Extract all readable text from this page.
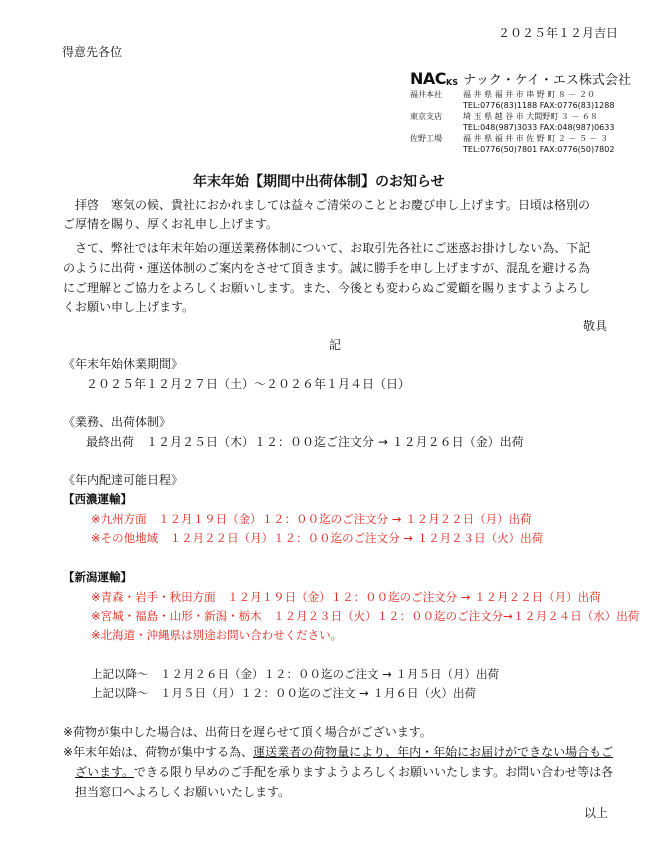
２０２５年１２月吉日
得意先各位
NACKS ナック・ケイ・エス株式会社
福井本社	福 井 県 福 井 市 串 野 町 ８ － ２０
TEL:0776(83)1188 FAX:0776(83)1288
東京支店	埼 玉 県 越 谷 市 大間野町 ３ － ６８
TEL:048(987)3033 FAX:048(987)0633
佐野工場	福 井 県 福 井 市 佐 野 町 ２ － ５ － ３
TEL:0776(50)7801 FAX:0776(50)7802
年末年始【期間中出荷体制】のお知らせ
拝啓　寒気の候、貴社におかれましては益々ご清栄のこととお慶び申し上げます。日頃は格別の
ご厚情を賜り、厚くお礼申し上げます。
さて、弊社では年末年始の運送業務体制について、お取引先各社にご迷惑お掛けしない為、下記
のように出荷・運送体制のご案内をさせて頂きます。誠に勝手を申し上げますが、混乱を避ける為
にご理解とご協力をよろしくお願いします。また、今後とも変わらぬご愛顧を賜りますようよろし
くお願い申し上げます。
敬具
記
《年末年始休業期間》
２０２５年１２月２７日（土）～２０２６年１月４日（日）
《業務、出荷体制》
最終出荷　１２月２５日（木）１２：００迄ご注文分 → １２月２６日（金）出荷
《年内配達可能日程》
【西濃運輸】
※九州方面　１２月１９日（金）１２：００迄のご注文分 → １２月２２日（月）出荷
※その他地域　１２月２２日（月）１２：００迄のご注文分 → １２月２３日（火）出荷
【新潟運輸】
※青森・岩手・秋田方面　１２月１９日（金）１２：００迄のご注文分 → １２月２２日（月）出荷
※宮城・福島・山形・新潟・栃木　１２月２３日（火）１２：００迄のご注文分→１２月２４日（水）出荷
※北海道・沖縄県は別途お問い合わせください。
上記以降～　１２月２６日（金）１２：００迄のご注文 → １月５日（月）出荷
上記以降～　１月５日（月）１２：００迄のご注文 → １月６日（火）出荷
※荷物が集中した場合は、出荷日を遅らせて頂く場合がございます。
※年末年始は、荷物が集中する為、運送業者の荷物量により、年内・年始にお届けができない場合もご
ざいます。できる限り早めのご手配を承りますようよろしくお願いいたします。お問い合わせ等は各
担当窓口へよろしくお願いいたします。
以上
